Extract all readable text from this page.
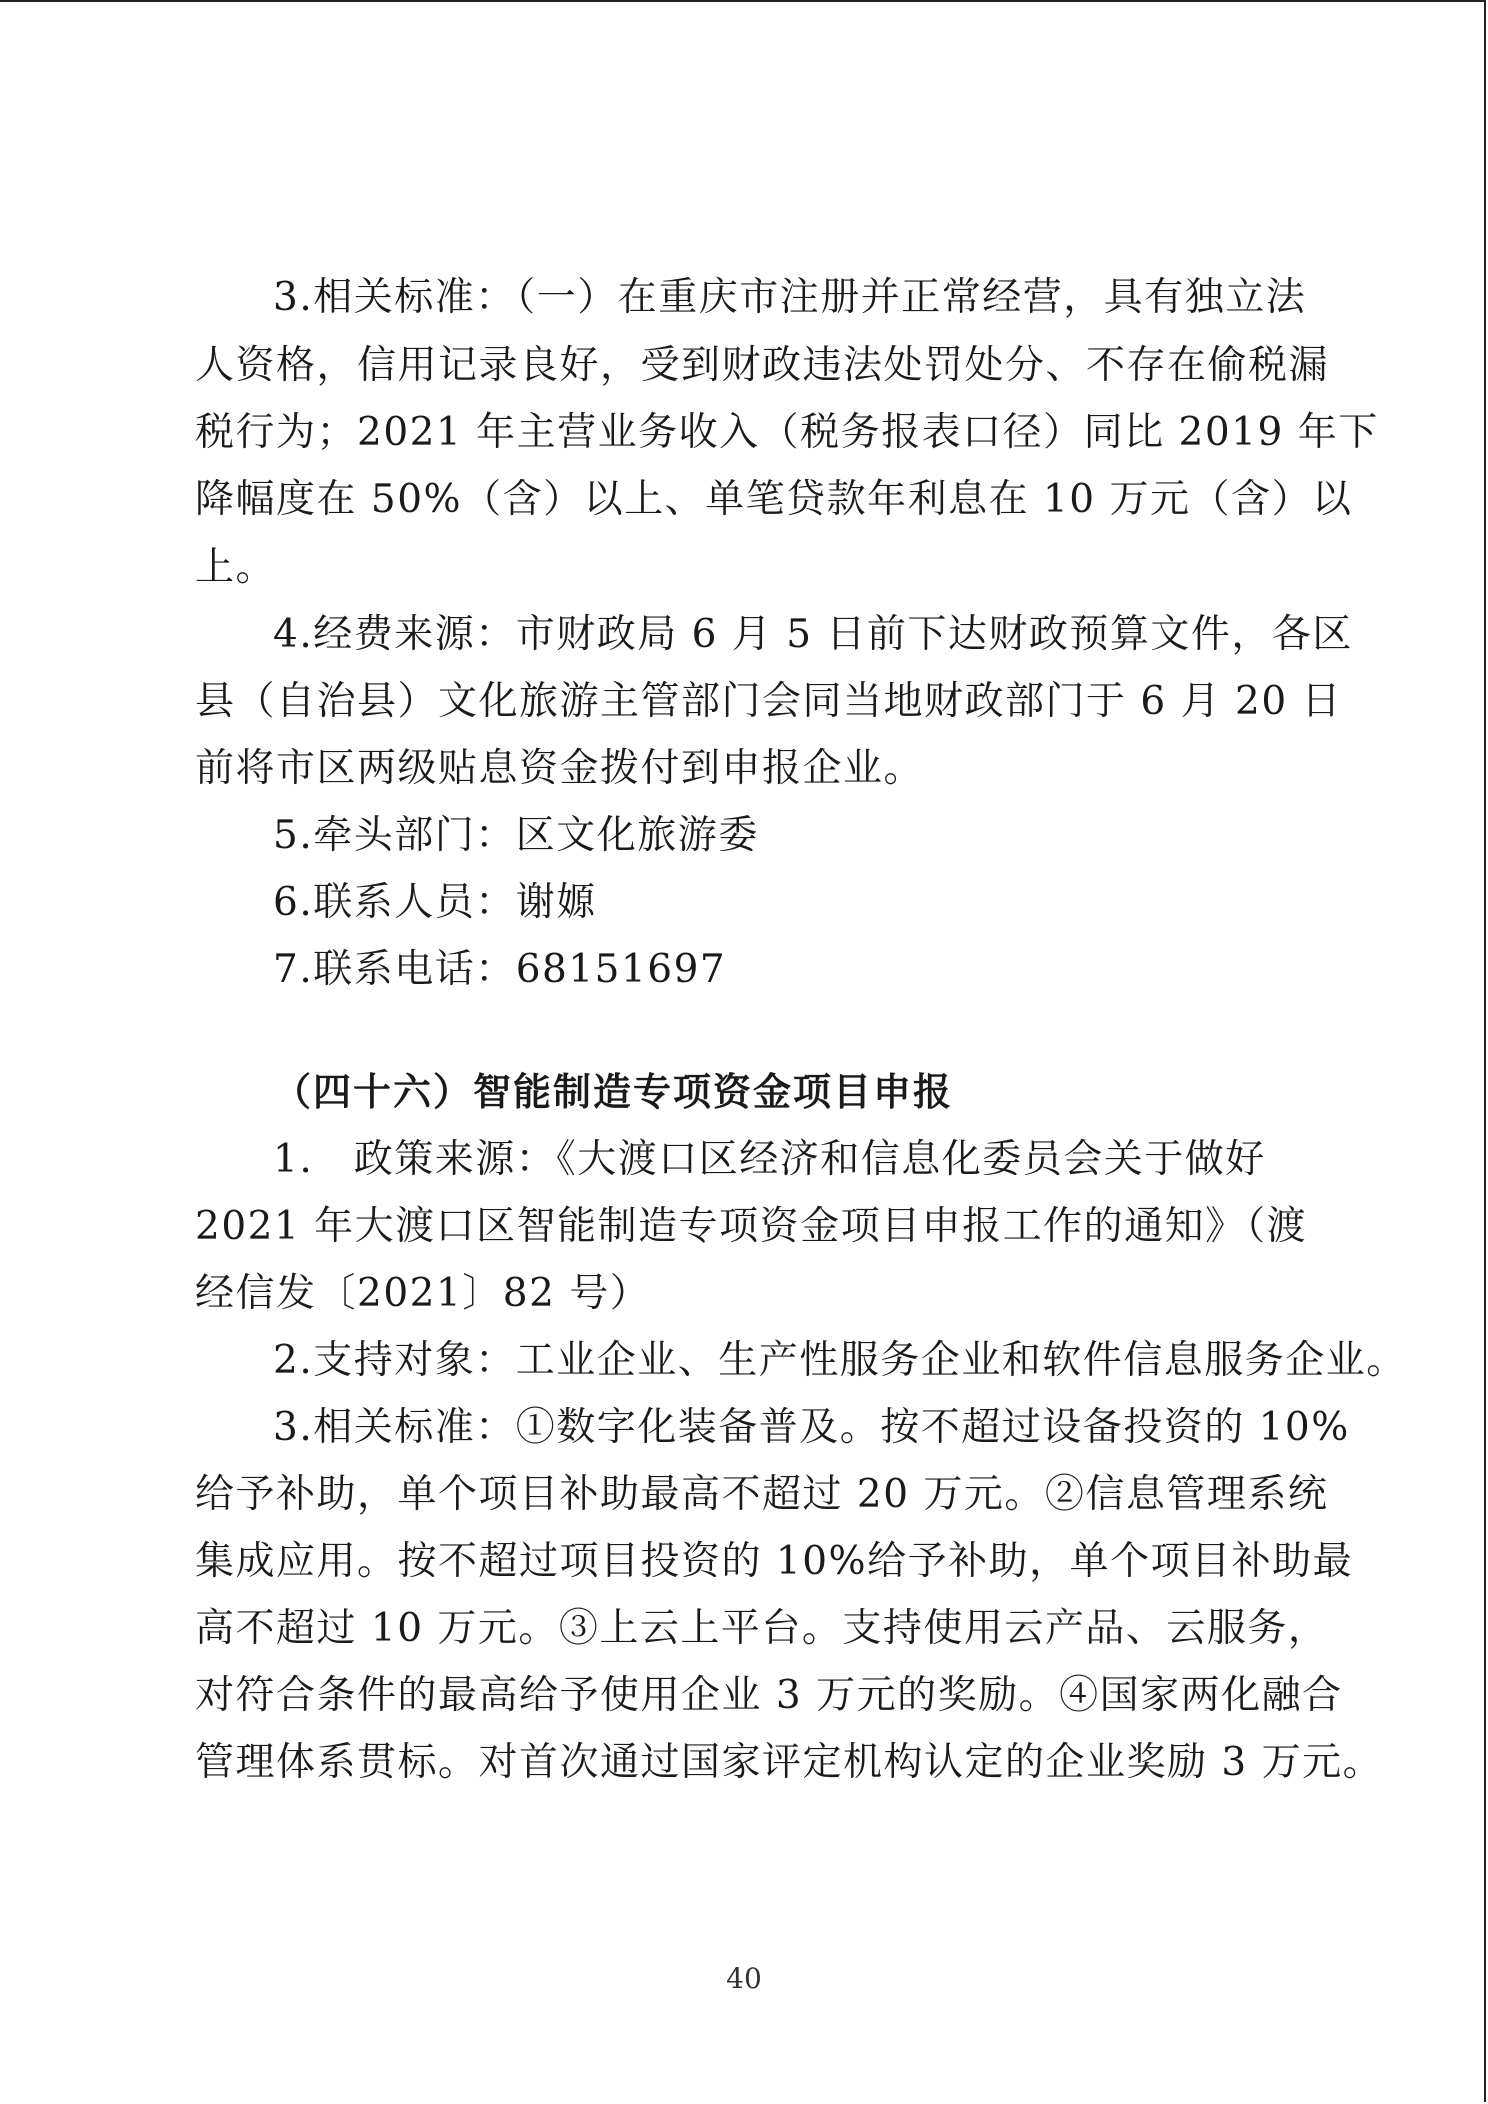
3.相关标准：（一）在重庆市注册并正常经营，具有独立法
人资格，信用记录良好，受到财政违法处罚处分、不存在偷税漏
税行为；2021 年主营业务收入（税务报表口径）同比 2019 年下
降幅度在 50%（含）以上、单笔贷款年利息在 10 万元（含）以
上。
4.经费来源：市财政局 6 月 5 日前下达财政预算文件，各区
县（自治县）文化旅游主管部门会同当地财政部门于 6 月 20 日
前将市区两级贴息资金拨付到申报企业。
5.牵头部门：区文化旅游委
6.联系人员：谢嫄
7.联系电话：68151697
（四十六）智能制造专项资金项目申报
1.　政策来源：《大渡口区经济和信息化委员会关于做好
2021 年大渡口区智能制造专项资金项目申报工作的通知》（渡
经信发〔2021〕82 号）
2.支持对象：工业企业、生产性服务企业和软件信息服务企业。
3.相关标准：①数字化装备普及。按不超过设备投资的 10%
给予补助，单个项目补助最高不超过 20 万元。②信息管理系统
集成应用。按不超过项目投资的 10%给予补助，单个项目补助最
高不超过 10 万元。③上云上平台。支持使用云产品、云服务，
对符合条件的最高给予使用企业 3 万元的奖励。④国家两化融合
管理体系贯标。对首次通过国家评定机构认定的企业奖励 3 万元。
40
